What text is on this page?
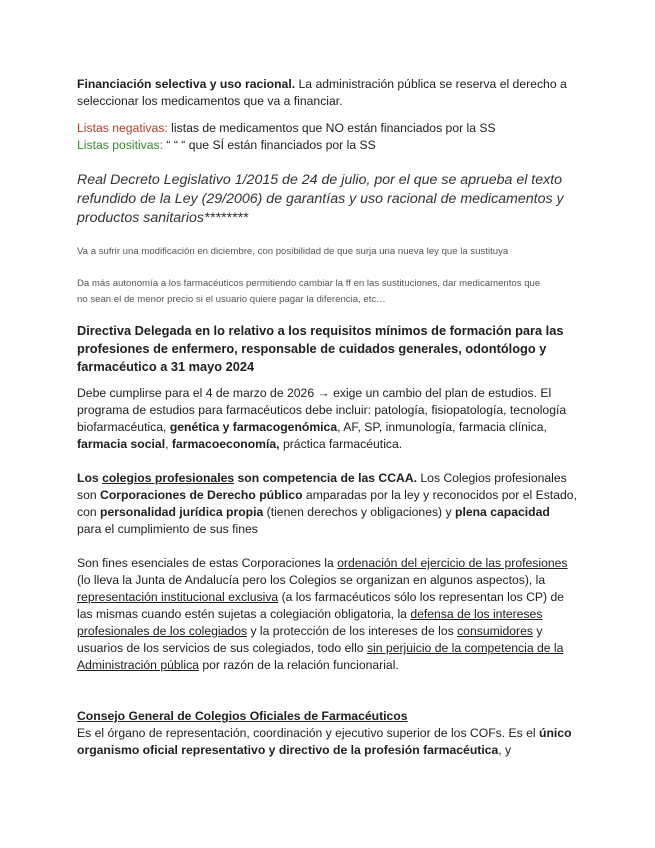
Financiación selectiva y uso racional. La administración pública se reserva el derecho a seleccionar los medicamentos que va a financiar.

Listas negativas: listas de medicamentos que NO están financiados por la SS

Listas positivas: “ “ “ que SÍ están financiados por la SS

Real Decreto Legislativo 1/2015 de 24 de julio, por el que se aprueba el texto refundido de la Ley (29/2006) de garantías y uso racional de medicamentos y productos sanitarios********

Va a sufrir una modificación en diciembre, con posibilidad de que surja una nueva ley que la sustituya

Da más autonomía a los farmacéuticos permitiendo cambiar la ff en las sustituciones, dar medicamentos que no sean el de menor precio si el usuario quiere pagar la diferencia, etc…

Directiva Delegada en lo relativo a los requisitos mínimos de formación para las profesiones de enfermero, responsable de cuidados generales, odontólogo y farmacéutico a 31 mayo 2024

Debe cumplirse para el 4 de marzo de 2026 → exige un cambio del plan de estudios. El programa de estudios para farmacéuticos debe incluir: patología, fisiopatología, tecnología biofarmacéutica, genética y farmacogenómica, AF, SP, inmunología, farmacia clínica, farmacia social, farmacoeconomía, práctica farmacéutica.

Los colegios profesionales son competencia de las CCAA. Los Colegios profesionales son Corporaciones de Derecho público amparadas por la ley y reconocidos por el Estado, con personalidad jurídica propia (tienen derechos y obligaciones) y plena capacidad para el cumplimiento de sus fines

Son fines esenciales de estas Corporaciones la ordenación del ejercicio de las profesiones (lo lleva la Junta de Andalucía pero los Colegios se organizan en algunos aspectos), la representación institucional exclusiva (a los farmacéuticos sólo los representan los CP) de las mismas cuando estén sujetas a colegiación obligatoria, la defensa de los intereses profesionales de los colegiados y la protección de los intereses de los consumidores y usuarios de los servicios de sus colegiados, todo ello sin perjuicio de la competencia de la Administración pública por razón de la relación funcionarial.

Consejo General de Colegios Oficiales de Farmacéuticos
Es el órgano de representación, coordinación y ejecutivo superior de los COFs. Es el único organismo oficial representativo y directivo de la profesión farmacéutica, y
